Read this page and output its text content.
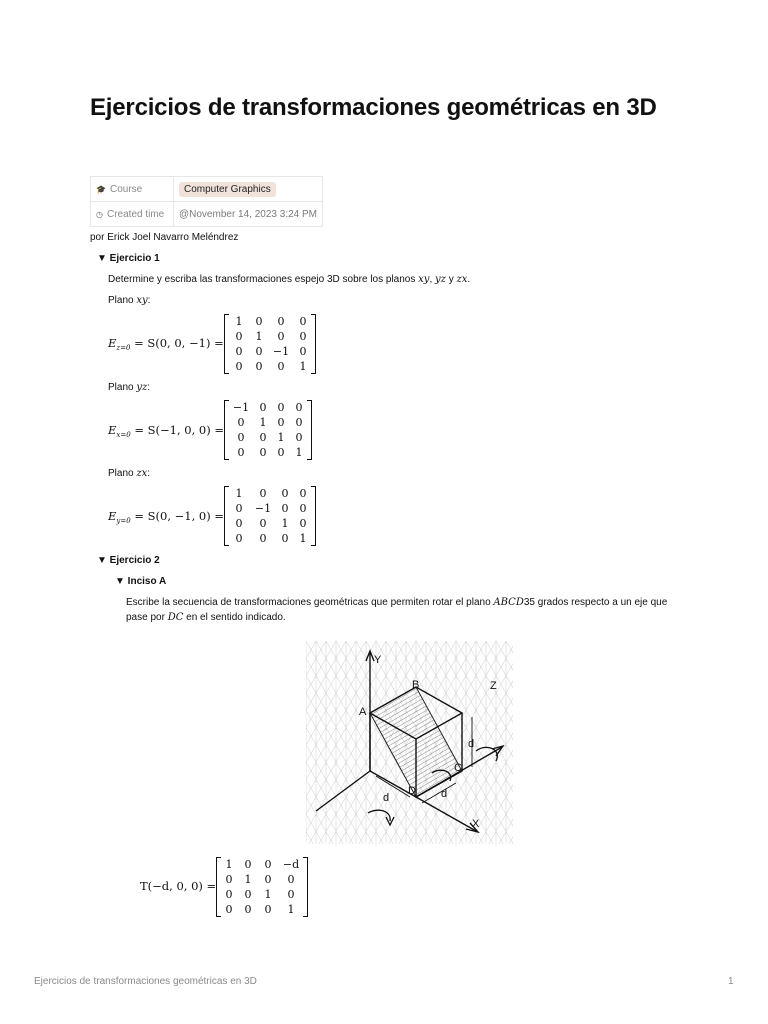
Ejercicios de transformaciones geométricas en 3D
🎓 Course	Computer Graphics
◷ Created time	@November 14, 2023 3:24 PM
por Erick Joel Navarro Meléndrez
▼ Ejercicio 1
Determine y escriba las transformaciones espejo 3D sobre los planos xy, yz y zx.
Plano xy:
$E_{z=0} = S(0$, 0, −1) =
1	0	0	0
0	1	0	0
0	0 −1 0
0	0	0	1
Plano yz:
$E_{x=0} = S(-1$, 0, 0) =
−1 0	0	0
0	1	0	0
0	0	1	0
0	0	0	1
Plano zx:
$E_{y=0} = S(0$, −1, 0) =
1	0	0	0
0	−1 0	0
0	0	1	0
0	0	0	1
▼ Ejercicio 2
▼ Inciso A
Escribe la secuencia de transformaciones geométricas que permiten rotar el plano ABCD35 grados respecto a un eje que
pase por DC en el sentido indicado.
Y
Z
X
A
B
C
D
d
d	d
T(−d, 0, 0) =
1	0	0	−d
0	1	0	0
0	0	1	0
0	0	0	1
Ejercicios de transformaciones geométricas en 3D	1
